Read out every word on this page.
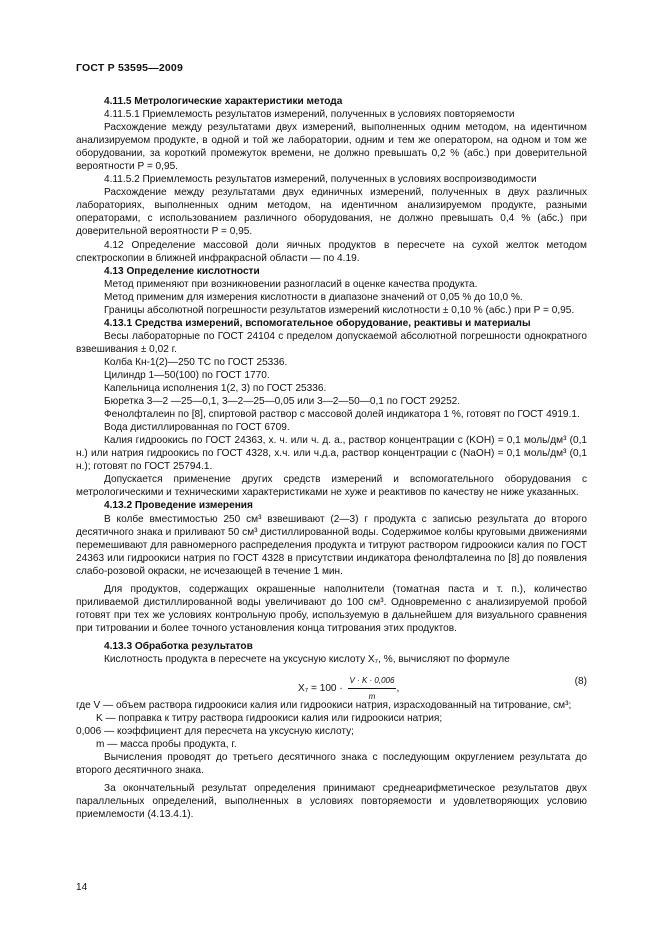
ГОСТ Р 53595—2009

4.11.5 Метрологические характеристики метода

4.11.5.1 Приемлемость результатов измерений, полученных в условиях повторяемости

Расхождение между результатами двух измерений, выполненных одним методом, на идентичном анализируемом продукте, в одной и той же лаборатории, одним и тем же оператором, на одном и том же оборудовании, за короткий промежуток времени, не должно превышать 0,2 % (абс.) при доверительной вероятности P = 0,95.

4.11.5.2 Приемлемость результатов измерений, полученных в условиях воспроизводимости

Расхождение между результатами двух единичных измерений, полученных в двух различных лабораториях, выполненных одним методом, на идентичном анализируемом продукте, разными операторами, с использованием различного оборудования, не должно превышать 0,4 % (абс.) при доверительной вероятности P = 0,95.

4.12 Определение массовой доли яичных продуктов в пересчете на сухой желток методом спектроскопии в ближней инфракрасной области — по 4.19.

4.13 Определение кислотности

Метод применяют при возникновении разногласий в оценке качества продукта.

Метод применим для измерения кислотности в диапазоне значений от 0,05 % до 10,0 %.

Границы абсолютной погрешности результатов измерений кислотности ± 0,10 % (абс.) при P = 0,95.

4.13.1 Средства измерений, вспомогательное оборудование, реактивы и материалы

Весы лабораторные по ГОСТ 24104 с пределом допускаемой абсолютной погрешности однократного взвешивания ± 0,02 г.

Колба Кн-1(2)—250 ТС по ГОСТ 25336.

Цилиндр 1—50(100) по ГОСТ 1770.

Капельница исполнения 1(2, 3) по ГОСТ 25336.

Бюретка 3—2 —25—0,1, 3—2—25—0,05 или 3—2—50—0,1 по ГОСТ 29252.

Фенолфталеин по [8], спиртовой раствор с массовой долей индикатора 1 %, готовят по ГОСТ 4919.1.

Вода дистиллированная по ГОСТ 6709.

Калия гидроокись по ГОСТ 24363, х. ч. или ч. д. а., раствор концентрации с (KOH) = 0,1 моль/дм³ (0,1 н.) или натрия гидроокись по ГОСТ 4328, х.ч. или ч.д.а, раствор концентрации с (NaOH) = 0,1 моль/дм³ (0,1 н.); готовят по ГОСТ 25794.1.

Допускается применение других средств измерений и вспомогательного оборудования с метрологическими и техническими характеристиками не хуже и реактивов по качеству не ниже указанных.

4.13.2 Проведение измерения

В колбе вместимостью 250 см³ взвешивают (2—3) г продукта с записью результата до второго десятичного знака и приливают 50 см³ дистиллированной воды. Содержимое колбы круговыми движениями перемешивают для равномерного распределения продукта и титруют раствором гидроокиси калия по ГОСТ 24363 или гидроокиси натрия по ГОСТ 4328 в присутствии индикатора фенолфталеина по [8] до появления слабо-розовой окраски, не исчезающей в течение 1 мин.

Для продуктов, содержащих окрашенные наполнители (томатная паста и т. п.), количество приливаемой дистиллированной воды увеличивают до 100 см³. Одновременно с анализируемой пробой готовят при тех же условиях контрольную пробу, используемую в дальнейшем для визуального сравнения при титровании и более точного установления конца титрования этих продуктов.

4.13.3 Обработка результатов

Кислотность продукта в пересчете на уксусную кислоту X₇, %, вычисляют по формуле

$X_7 = 100 \cdot \frac{V \cdot K \cdot 0,006}{m}$ ,
(8)

где V — объем раствора гидроокиси калия или гидроокиси натрия, израсходованный на титрование, см³;

K — поправка к титру раствора гидроокиси калия или гидроокиси натрия;

0,006 — коэффициент для пересчета на уксусную кислоту;

m — масса пробы продукта, г.

Вычисления проводят до третьего десятичного знака с последующим округлением результата до второго десятичного знака.

За окончательный результат определения принимают среднеарифметическое результатов двух параллельных определений, выполненных в условиях повторяемости и удовлетворяющих условию приемлемости (4.13.4.1).

14
